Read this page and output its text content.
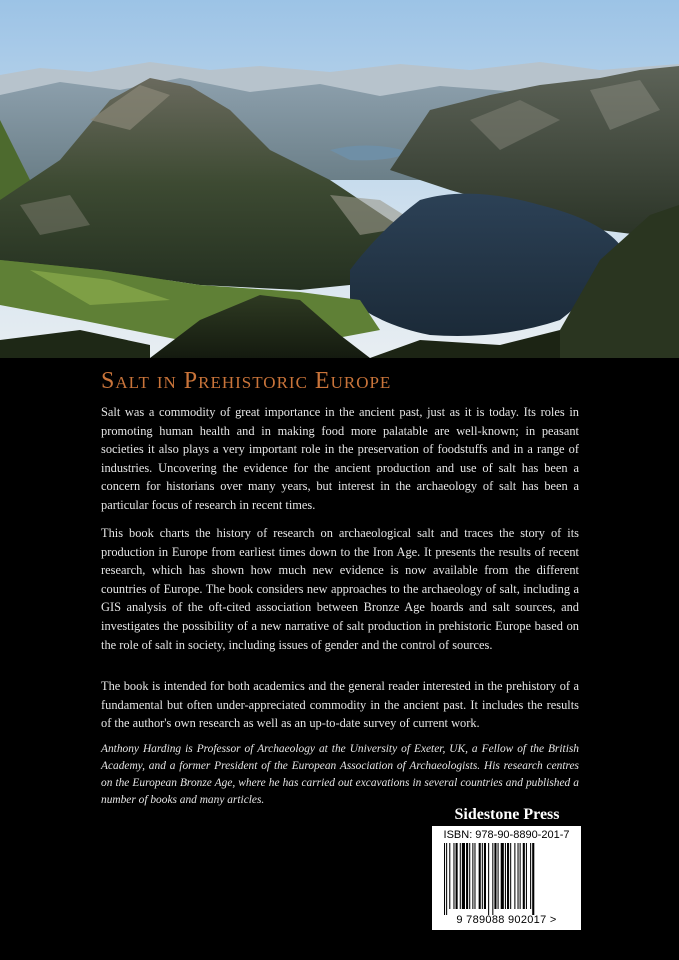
Salt in Prehistoric Europe

Salt was a commodity of great importance in the ancient past, just as it is today. Its roles in promoting human health and in making food more palatable are well-known; in peasant societies it also plays a very important role in the preservation of foodstuffs and in a range of industries. Uncovering the evidence for the ancient production and use of salt has been a concern for historians over many years, but interest in the archaeology of salt has been a particular focus of research in recent times.

This book charts the history of research on archaeological salt and traces the story of its production in Europe from earliest times down to the Iron Age. It presents the results of recent research, which has shown how much new evidence is now available from the different countries of Europe. The book considers new approaches to the archaeology of salt, including a GIS analysis of the oft-cited association between Bronze Age hoards and salt sources, and investigates the possibility of a new narrative of salt production in prehistoric Europe based on the role of salt in society, including issues of gender and the control of sources.

The book is intended for both academics and the general reader interested in the prehistory of a fundamental but often under-appreciated commodity in the ancient past. It includes the results of the author's own research as well as an up-to-date survey of current work.

Anthony Harding is Professor of Archaeology at the University of Exeter, UK, a Fellow of the British Academy, and a former President of the European Association of Archaeologists. His research centres on the European Bronze Age, where he has carried out excavations in several countries and published a number of books and many articles.

Sidestone Press
ISBN: 978-90-8890-201-7
9 789088 902017 >
